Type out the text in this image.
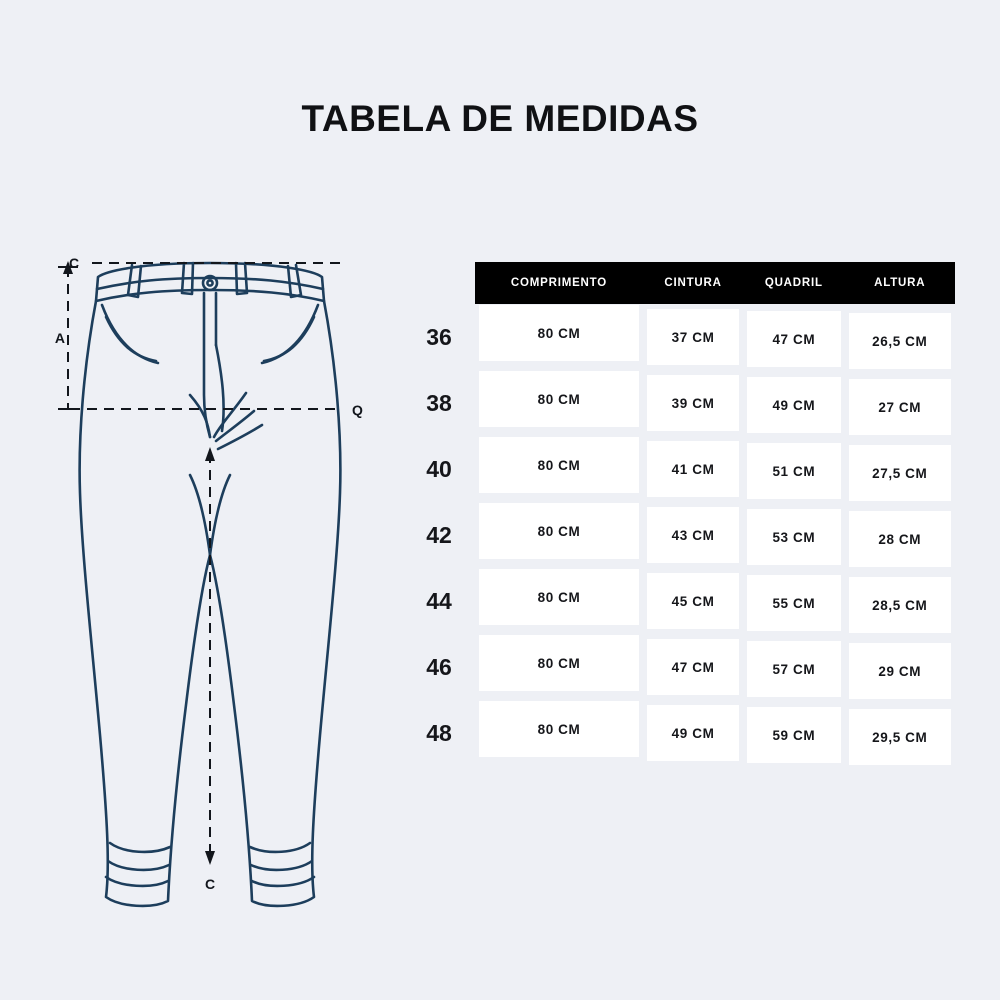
TABELA DE MEDIDAS
C
A
Q
C
	COMPRIMENTO	CINTURA	QUADRIL	ALTURA
36	80 CM	37 CM	47 CM	26,5 CM

38	80 CM	39 CM	49 CM	27 CM

40	80 CM	41 CM	51 CM	27,5 CM

42	80 CM	43 CM	53 CM	28 CM

44	80 CM	45 CM	55 CM	28,5 CM

46	80 CM	47 CM	57 CM	29 CM

48	80 CM	49 CM	59 CM	29,5 CM
